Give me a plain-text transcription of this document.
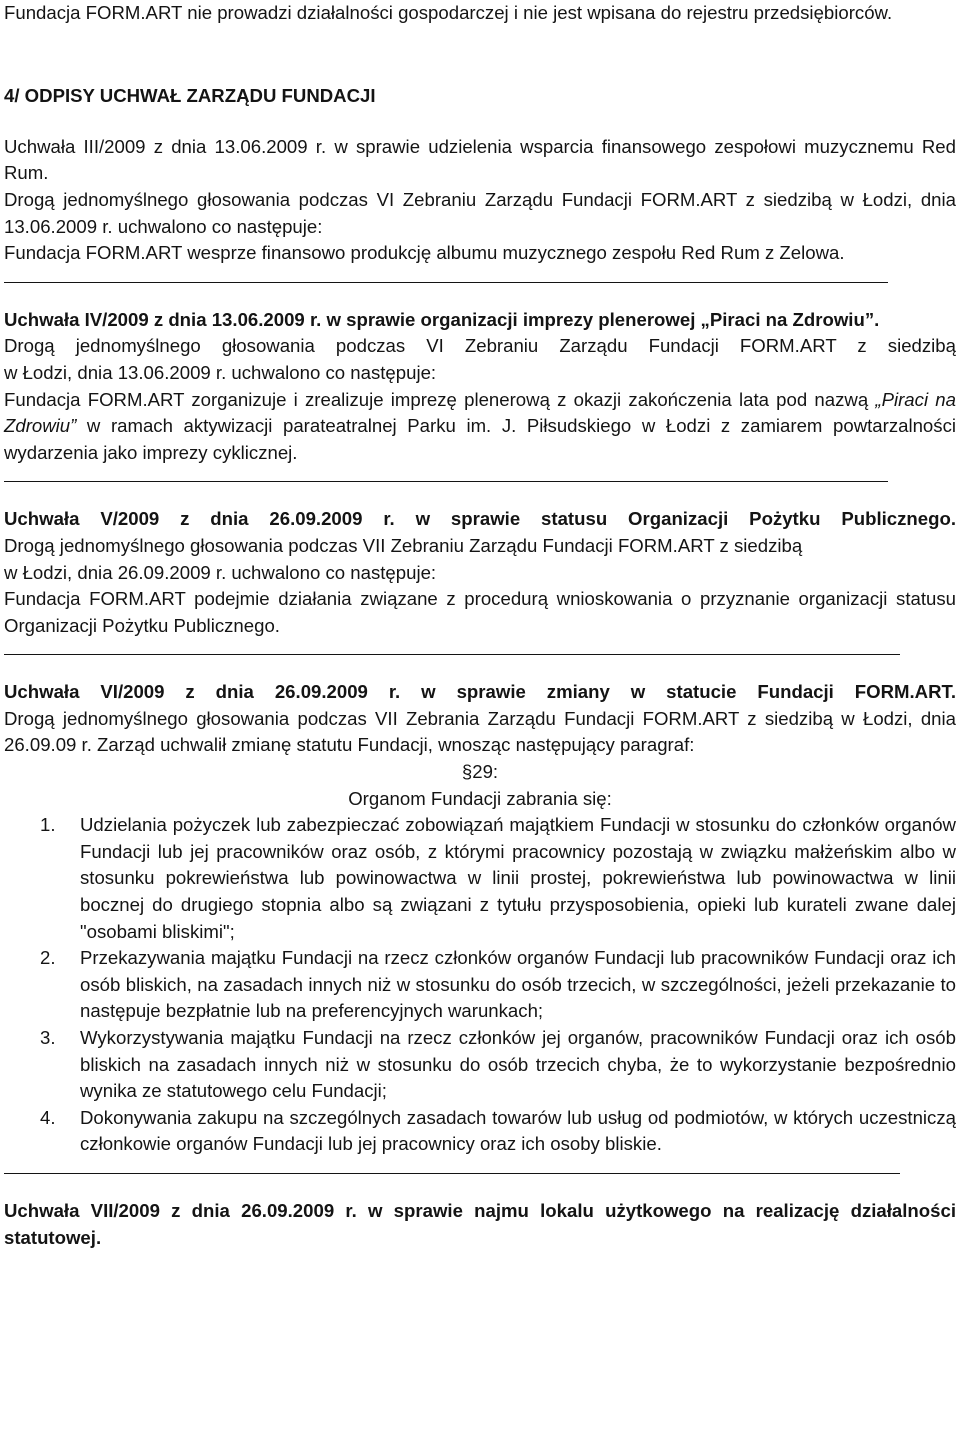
Fundacja FORM.ART nie prowadzi działalności gospodarczej i nie jest wpisana do rejestru przedsiębiorców.

4/ ODPISY UCHWAŁ ZARZĄDU FUNDACJI

Uchwała III/2009 z dnia 13.06.2009 r. w sprawie udzielenia wsparcia finansowego zespołowi muzycznemu Red Rum.

Drogą jednomyślnego głosowania podczas VI Zebraniu Zarządu Fundacji FORM.ART z siedzibą w Łodzi, dnia 13.06.2009 r. uchwalono co następuje:

Fundacja FORM.ART wesprze finansowo produkcję albumu muzycznego zespołu Red Rum z Zelowa.

Uchwała IV/2009 z dnia 13.06.2009 r. w sprawie organizacji imprezy plenerowej „Piraci na Zdrowiu”.

Drogą jednomyślnego głosowania podczas VI Zebraniu Zarządu Fundacji FORM.ART z siedzibą

w Łodzi, dnia 13.06.2009 r. uchwalono co następuje:

Fundacja FORM.ART zorganizuje i zrealizuje imprezę plenerową z okazji zakończenia lata pod nazwą „Piraci na Zdrowiu” w ramach aktywizacji parateatralnej Parku im. J. Piłsudskiego w Łodzi z zamiarem powtarzalności wydarzenia jako imprezy cyklicznej.

Uchwała V/2009 z dnia 26.09.2009 r. w sprawie statusu Organizacji Pożytku Publicznego.

Drogą jednomyślnego głosowania podczas VII Zebraniu Zarządu Fundacji FORM.ART z siedzibą

w Łodzi, dnia 26.09.2009 r. uchwalono co następuje:

Fundacja FORM.ART podejmie działania związane z procedurą wnioskowania o przyznanie organizacji statusu Organizacji Pożytku Publicznego.

Uchwała VI/2009 z dnia 26.09.2009 r. w sprawie zmiany w statucie Fundacji FORM.ART.

Drogą jednomyślnego głosowania podczas VII Zebrania Zarządu Fundacji FORM.ART z siedzibą w Łodzi, dnia 26.09.09 r. Zarząd uchwalił zmianę statutu Fundacji, wnosząc następujący paragraf:

§29:

Organom Fundacji zabrania się:

1. Udzielania pożyczek lub zabezpieczać zobowiązań majątkiem Fundacji w stosunku do członków organów Fundacji lub jej pracowników oraz osób, z którymi pracownicy pozostają w związku małżeńskim albo w stosunku pokrewieństwa lub powinowactwa w linii prostej, pokrewieństwa lub powinowactwa w linii bocznej do drugiego stopnia albo są związani z tytułu przysposobienia, opieki lub kurateli zwane dalej "osobami bliskimi";
2. Przekazywania majątku Fundacji na rzecz członków organów Fundacji lub pracowników Fundacji oraz ich osób bliskich, na zasadach innych niż w stosunku do osób trzecich, w szczególności, jeżeli przekazanie to następuje bezpłatnie lub na preferencyjnych warunkach;
3. Wykorzystywania majątku Fundacji na rzecz członków jej organów, pracowników Fundacji oraz ich osób bliskich na zasadach innych niż w stosunku do osób trzecich chyba, że to wykorzystanie bezpośrednio wynika ze statutowego celu Fundacji;
4. Dokonywania zakupu na szczególnych zasadach towarów lub usług od podmiotów, w których uczestniczą członkowie organów Fundacji lub jej pracownicy oraz ich osoby bliskie.

Uchwała VII/2009 z dnia 26.09.2009 r. w sprawie najmu lokalu użytkowego na realizację działalności statutowej.
